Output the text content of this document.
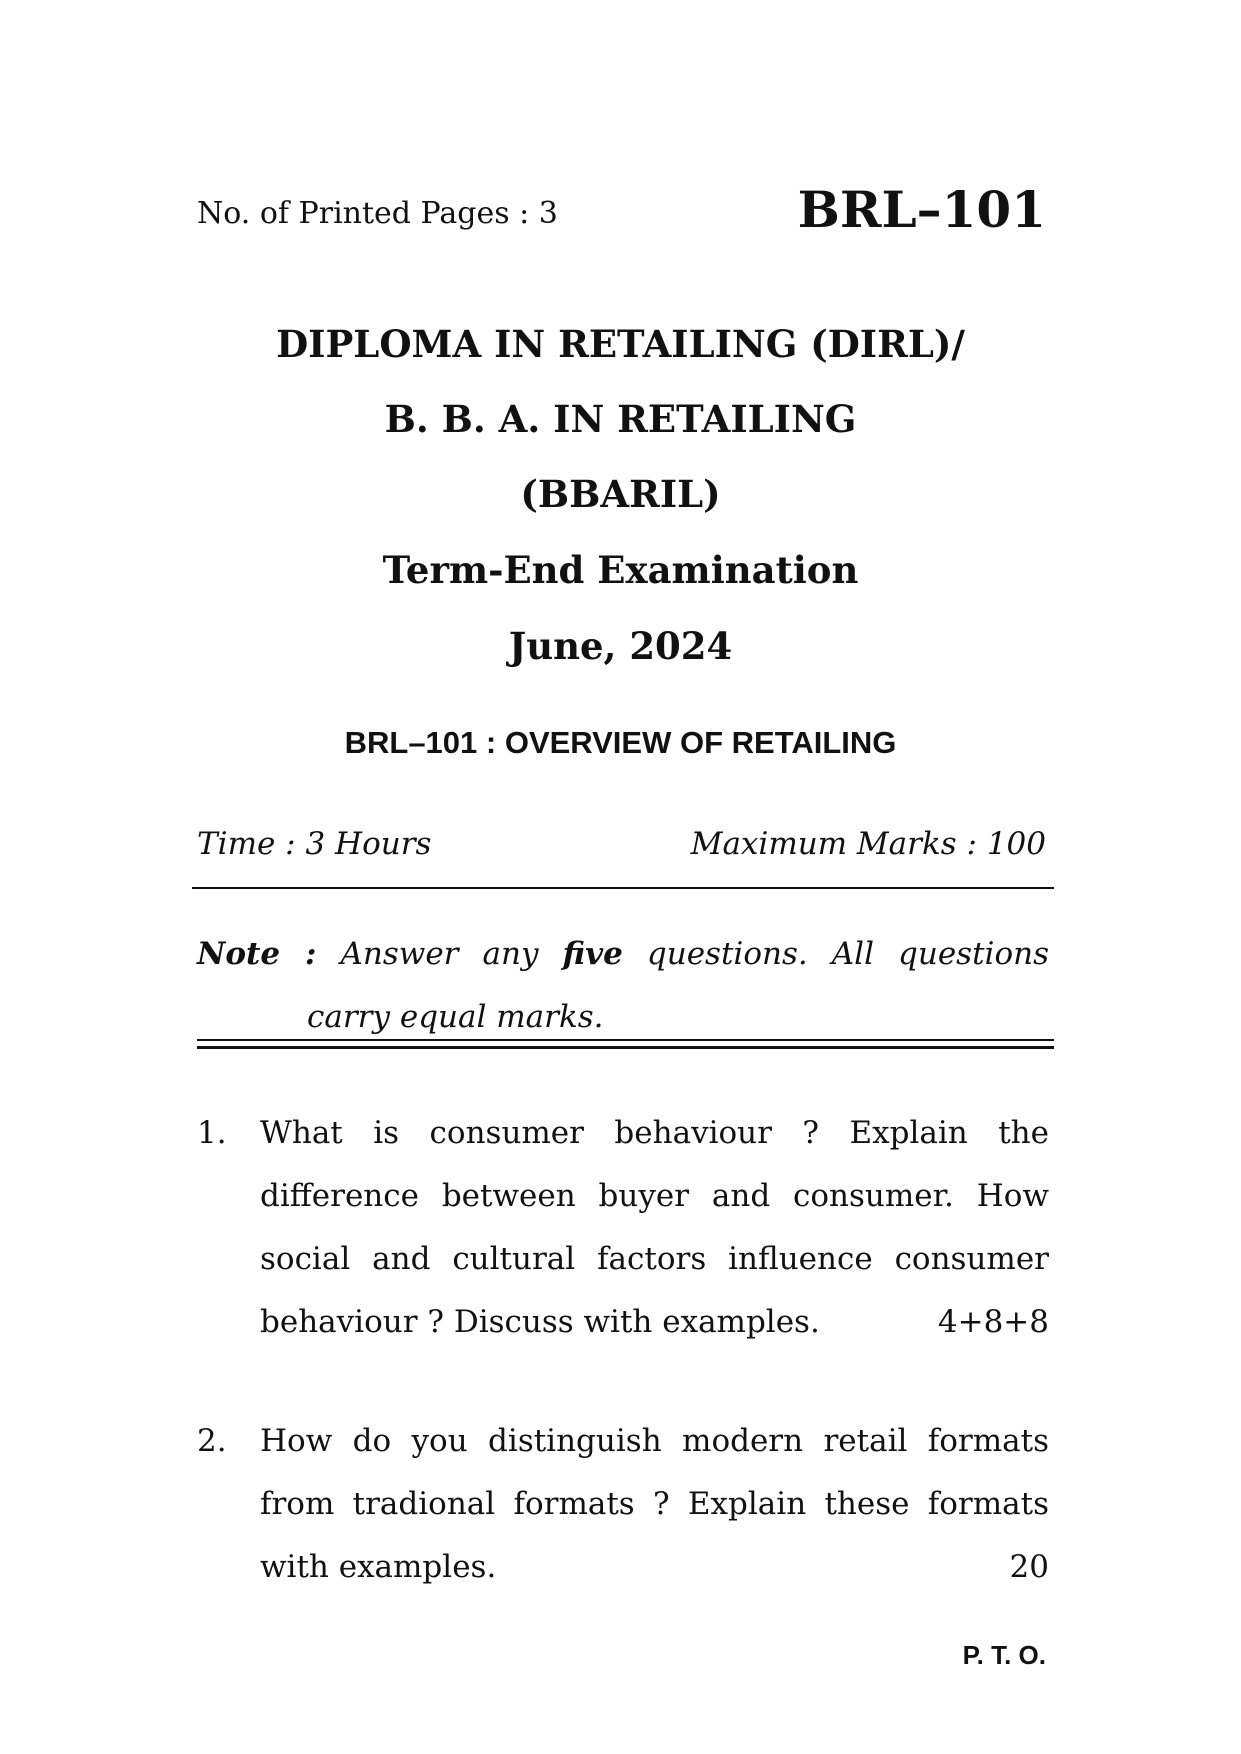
No. of Printed Pages : 3	BRL–101
DIPLOMA IN RETAILING (DIRL)/
B. B. A. IN RETAILING
(BBARIL)
Term-End Examination
June, 2024
BRL–101 : OVERVIEW OF RETAILING
Time : 3 Hours	Maximum Marks : 100
Note : Answer any five questions. All questions
carry equal marks.
1. What is consumer behaviour ? Explain the
difference between buyer and consumer. How
social and cultural factors influence consumer
behaviour ? Discuss with examples.	4+8+8
2. How do you distinguish modern retail formats
from tradional formats ? Explain these formats
with examples.	20
P. T. O.
